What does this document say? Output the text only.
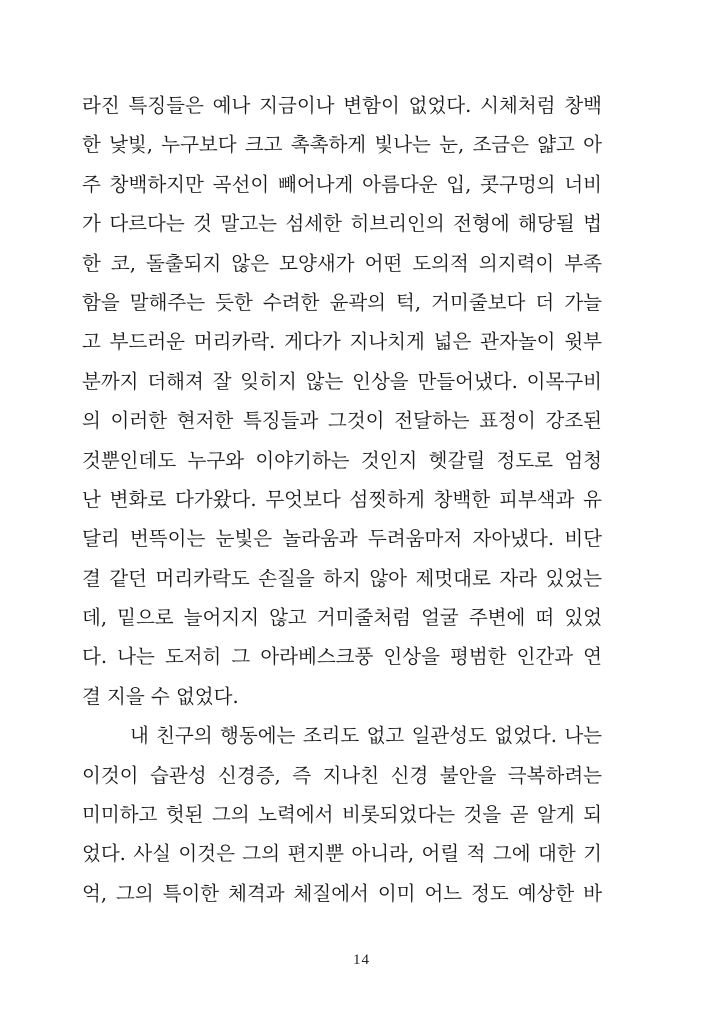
라진 특징들은 예나 지금이나 변함이 없었다. 시체처럼 창백
한 낯빛, 누구보다 크고 촉촉하게 빛나는 눈, 조금은 얇고 아
주 창백하지만 곡선이 빼어나게 아름다운 입, 콧구멍의 너비
가 다르다는 것 말고는 섬세한 히브리인의 전형에 해당될 법
한 코, 돌출되지 않은 모양새가 어떤 도의적 의지력이 부족
함을 말해주는 듯한 수려한 윤곽의 턱, 거미줄보다 더 가늘
고 부드러운 머리카락. 게다가 지나치게 넓은 관자놀이 윗부
분까지 더해져 잘 잊히지 않는 인상을 만들어냈다. 이목구비
의 이러한 현저한 특징들과 그것이 전달하는 표정이 강조된
것뿐인데도 누구와 이야기하는 것인지 헷갈릴 정도로 엄청
난 변화로 다가왔다. 무엇보다 섬찟하게 창백한 피부색과 유
달리 번뜩이는 눈빛은 놀라움과 두려움마저 자아냈다. 비단
결 같던 머리카락도 손질을 하지 않아 제멋대로 자라 있었는
데, 밑으로 늘어지지 않고 거미줄처럼 얼굴 주변에 떠 있었
다. 나는 도저히 그 아라베스크풍 인상을 평범한 인간과 연
결 지을 수 없었다.
내 친구의 행동에는 조리도 없고 일관성도 없었다. 나는
이것이 습관성 신경증, 즉 지나친 신경 불안을 극복하려는
미미하고 헛된 그의 노력에서 비롯되었다는 것을 곧 알게 되
었다. 사실 이것은 그의 편지뿐 아니라, 어릴 적 그에 대한 기
억, 그의 특이한 체격과 체질에서 이미 어느 정도 예상한 바
14
